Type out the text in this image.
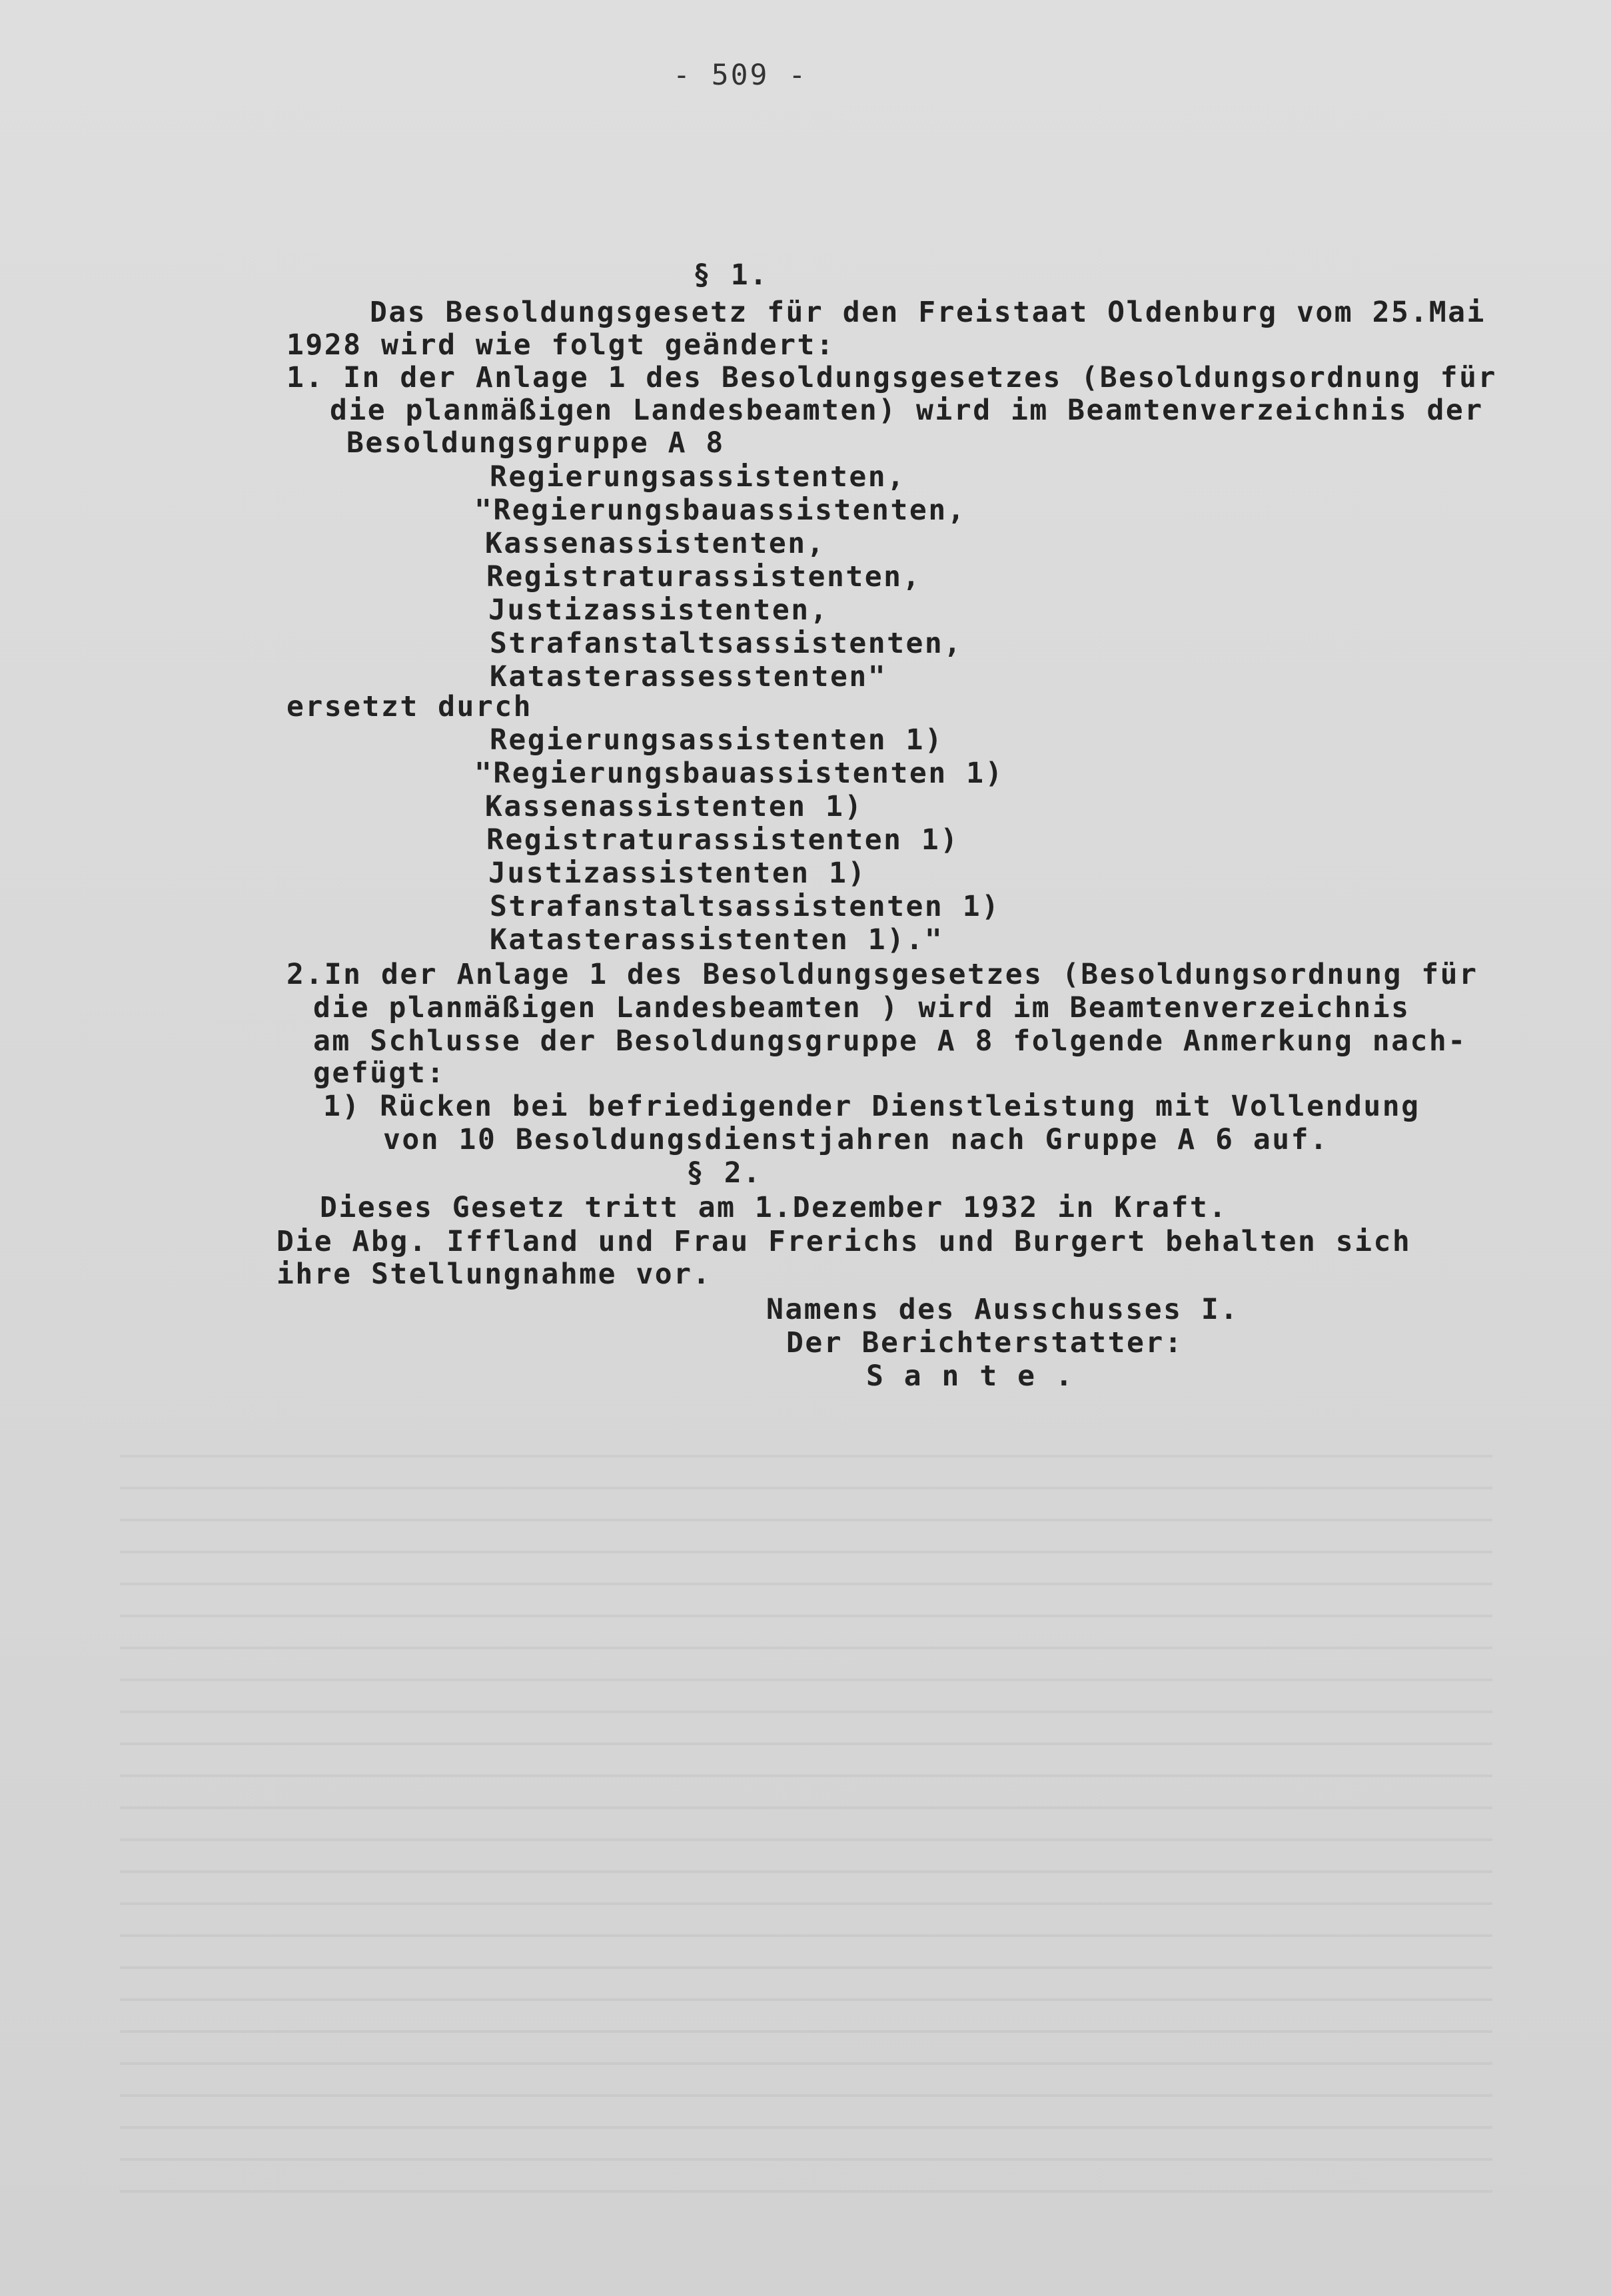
- 509 -
§ 1.
Das Besoldungsgesetz für den Freistaat Oldenburg vom 25.Mai
1928 wird wie folgt geändert:
1. In der Anlage 1 des Besoldungsgesetzes (Besoldungsordnung für
die planmäßigen Landesbeamten) wird im Beamtenverzeichnis der
Besoldungsgruppe A 8
Regierungsassistenten,
"Regierungsbauassistenten,
Kassenassistenten,
Registraturassistenten,
Justizassistenten,
Strafanstaltsassistenten,
Katasterassesstenten"
ersetzt durch
Regierungsassistenten 1)
"Regierungsbauassistenten 1)
Kassenassistenten 1)
Registraturassistenten 1)
Justizassistenten 1)
Strafanstaltsassistenten 1)
Katasterassistenten 1)."
2.In der Anlage 1 des Besoldungsgesetzes (Besoldungsordnung für
die planmäßigen Landesbeamten ) wird im Beamtenverzeichnis
am Schlusse der Besoldungsgruppe A 8 folgende Anmerkung nach-
gefügt:
1) Rücken bei befriedigender Dienstleistung mit Vollendung
von 10 Besoldungsdienstjahren nach Gruppe A 6 auf.
§ 2.
Dieses Gesetz tritt am 1.Dezember 1932 in Kraft.
Die Abg. Iffland und Frau Frerichs und Burgert behalten sich
ihre Stellungnahme vor.
Namens des Ausschusses I.
Der Berichterstatter:
S a n t e .
